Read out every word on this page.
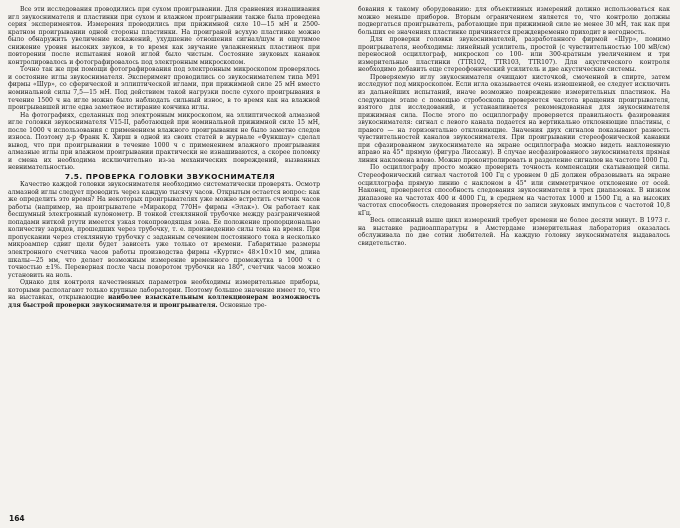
Все эти исследования проводились при сухом проигрывании. Для сравнения изнашивания игл звукоснимателя и пластинки при сухом и влажном проигрывании также была проведена серия экспериментов. Измерения проводились при прижимной силе 10—15 мН и 2500-кратном проигрывании одной стороны пластинки. На проиграной всухую пластинке можно было обнаружить увеличение искажений, ухудшение отношения сигнал/шум и ощутимое снижение уровня высоких звуков, в то время как звучание увлажненных пластинок при повторении после испытания новой иглой было чистым. Состояние звуковых канавок контролировалось и фотографировалось под электронным микроскопом.

Точно так же при помощи фотографирования под электронным микроскопом проверялось и состояние иглы звукоснимателя. Эксперимент проводились со звукоснимателем типа М91 фирмы «Шур», со сферической и эллиптической иглами, при прижимной силе 25 мН вместо номинальной силы 7,5—15 мН. Под действием такой нагрузки после сухого проигрывания в течение 1500 ч на игле можно было наблюдать сильный износ, в то время как на влажной проигрывавшей игле едва заметное истирание кончика иглы.

На фотографиях, сделанных под электронным микроскопом, на эллиптической алмазной игле головки звукоснимателя V15-II, работающей при номинальной прижимной силе 15 мН, после 1000 ч использования с применением влажного проигрывания не было заметно следов износа. Поэтому д-р Франк К. Хирш в одной из своих статей в журнале «Функшау» сделал вывод, что при проигрывании в течение 1000 ч с применением влажного проигрывания алмазные иглы при влажном проигрывании практически не изнашиваются, а скорее поломку и смена их необходима исключительно из-за механических повреждений, вызванных невнимательностью.

7.5. ПРОВЕРКА ГОЛОВКИ ЗВУКОСНИМАТЕЛЯ

Качество каждой головки звукоснимателя необходимо систематически проверять. Осмотр алмазной иглы следует проводить через каждую тысячу часов. Открытым остается вопрос: как же определить это время? На некоторых проигрывателях уже можно встретить счетчик часов работы (например, на проигрывателе «Миракорд 770Н» фирмы «Элак»). Он работает как бесшумный электронный кулонометр. В тонкой стеклянной трубочке между разграниченной попадами ниткой ртути имеется узкая токопроводящая зона. Ее положение пропорционально количеству зарядов, прошедших через трубочку, т. е. произведению силы тока на время. При пропускании через стеклянную трубочку с заданным сечением постоянного тока в несколько микроампер сдвиг щели будет зависеть уже только от времени. Габаритные размеры электронного счетчика часов работы производства фирмы «Куртис» 48×10×10 мм, длина шкалы—25 мм, что делает возможным измерение временного промежутка в 1000 ч с точностью ±1%. Переверная после часы поворотом трубочки на 180°, счетчик часов можно установить на ноль.

Однако для контроля качественных параметров необходимы измерительные приборы, которыми располагают только крупные лаборатории. Поэтому большое значение имеет то, что на выставках, открывающие наиболее взыскательным коллекционерам возможность для быстрой проверки звукоснимателя и проигрывателя. Основные тре-

бования к такому оборудованию: для объективных измерений должно использоваться как можно меньше приборов. Вторым ограничением является то, что контролю должны подвергаться проигрыватель, работающие при прижимной силе не менее 30 мН, так как при больших ее значениях пластинке причиняется преждевременно приходит в негодность.

Для проверки головки звукоснимателей, разработанного фирмой «Шур», помимо проигрывателя, необходимы: линейный усилитель, простой (с чувствительностью 100 мВ/см) переносной осциллограф, микроскоп со 100- или 300-кратным увеличением и три измерительные пластинки (TTR102, TTR103, TTR107). Для акустического контроля необходимо добавить еще стереофонический усилитель и две акустические системы.

Проверяемую иглу звукоснимателя очищают кисточкой, смоченной в спирте, затем исследуют под микроскопом. Если игла оказывается очень изношенной, ее следует исключить из дальнейших испытаний, иначе возможно повреждение измерительных пластинок. На следующем этапе с помощью стробоскопа проверяется частота вращения проигрывателя, взятого для исследований, и устанавливается рекомендованная для звукоснимателя прижимная сила. После этого по осциллографу проверяется правильность фазирования звукоснимателя: сигнал с левого канала подается на вертикально отклоняющие пластины, с правого — на горизонтально отклоняющие. Значения двух сигналов показывают разность чувствительностей каналов звукоснимателя. При проигрывании стереофонической канавки при сфазированном звукоснимателе на экране осциллографа можно видеть наклоненную вправо на 45° прямую (фигура Лиссажу). В случае несфазированного звукоснимателя прямая линия наклонена влево. Можно проконтролировать и разделение сигналов на частоте 1000 Гц.

По осциллографу просто можно проверить точность компенсации скатывающей силы. Стереофонический сигнал частотой 100 Гц с уровнем 0 дБ должен образовывать на экране осциллографа прямую линию с наклоном в 45° или симметричное отклонение от осей. Наконец, проверяется способность следования звукоснимателя в трех диапазонах. В низком диапазоне на частотах 400 и 4000 Гц, в среднем на частотах 1000 и 1500 Гц, а на высоких частотах способность следования проверяется по записи звуковых импульсов с частотой 10,8 кГц.

Весь описанный выше цикл измерений требует времени не более десяти минут. В 1973 г. на выставке радиоаппаратуры в Амстердаме измерительная лаборатория оказалась обслуживала по две сотни любителей. На каждую головку звукоснимателя выдавалось свидетельство.

164
